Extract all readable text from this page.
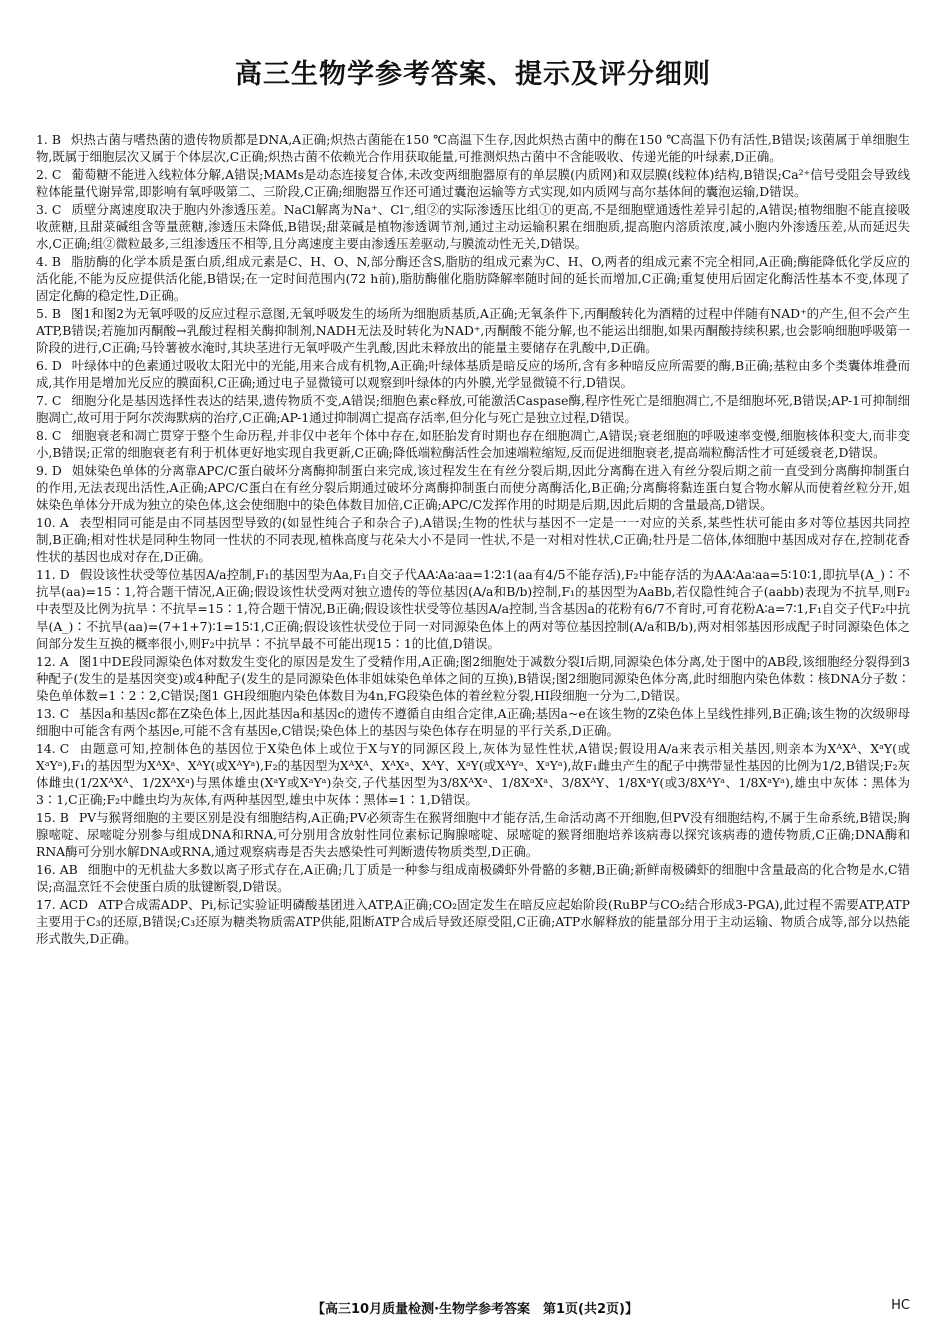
高三生物学参考答案、提示及评分细则

1. B 炽热古菌与嗜热菌的遗传物质都是DNA,A正确;炽热古菌能在150 ℃高温下生存,因此炽热古菌中的酶在150 ℃高温下仍有活性,B错误;该菌属于单细胞生物,既属于细胞层次又属于个体层次,C正确;炽热古菌不依赖光合作用获取能量,可推测炽热古菌中不含能吸收、传递光能的叶绿素,D正确。

2. C 葡萄糖不能进入线粒体分解,A错误;MAMs是动态连接复合体,未改变两细胞器原有的单层膜(内质网)和双层膜(线粒体)结构,B错误;Ca²⁺信号受阻会导致线粒体能量代谢异常,即影响有氧呼吸第二、三阶段,C正确;细胞器互作还可通过囊泡运输等方式实现,如内质网与高尔基体间的囊泡运输,D错误。

3. C 质壁分离速度取决于胞内外渗透压差。NaCl解离为Na⁺、Cl⁻,组②的实际渗透压比组①的更高,不是细胞壁通透性差异引起的,A错误;植物细胞不能直接吸收蔗糖,且甜菜碱组含等量蔗糖,渗透压未降低,B错误;甜菜碱是植物渗透调节剂,通过主动运输积累在细胞质,提高胞内溶质浓度,减小胞内外渗透压差,从而延迟失水,C正确;组②微粒最多,三组渗透压不相等,且分离速度主要由渗透压差驱动,与膜流动性无关,D错误。

4. B 脂肪酶的化学本质是蛋白质,组成元素是C、H、O、N,部分酶还含S,脂肪的组成元素为C、H、O,两者的组成元素不完全相同,A正确;酶能降低化学反应的活化能,不能为反应提供活化能,B错误;在一定时间范围内(72 h前),脂肪酶催化脂肪降解率随时间的延长而增加,C正确;重复使用后固定化酶活性基本不变,体现了固定化酶的稳定性,D正确。

5. B 图1和图2为无氧呼吸的反应过程示意图,无氧呼吸发生的场所为细胞质基质,A正确;无氧条件下,丙酮酸转化为酒精的过程中伴随有NAD⁺的产生,但不会产生ATP,B错误;若施加丙酮酸→乳酸过程相关酶抑制剂,NADH无法及时转化为NAD⁺,丙酮酸不能分解,也不能运出细胞,如果丙酮酸持续积累,也会影响细胞呼吸第一阶段的进行,C正确;马铃薯被水淹时,其块茎进行无氧呼吸产生乳酸,因此未释放出的能量主要储存在乳酸中,D正确。

6. D 叶绿体中的色素通过吸收太阳光中的光能,用来合成有机物,A正确;叶绿体基质是暗反应的场所,含有多种暗反应所需要的酶,B正确;基粒由多个类囊体堆叠而成,其作用是增加光反应的膜面积,C正确;通过电子显微镜可以观察到叶绿体的内外膜,光学显微镜不行,D错误。

7. C 细胞分化是基因选择性表达的结果,遗传物质不变,A错误;细胞色素c释放,可能激活Caspase酶,程序性死亡是细胞凋亡,不是细胞坏死,B错误;AP-1可抑制细胞凋亡,故可用于阿尔茨海默病的治疗,C正确;AP-1通过抑制凋亡提高存活率,但分化与死亡是独立过程,D错误。

8. C 细胞衰老和凋亡贯穿于整个生命历程,并非仅中老年个体中存在,如胚胎发育时期也存在细胞凋亡,A错误;衰老细胞的呼吸速率变慢,细胞核体积变大,而非变小,B错误;正常的细胞衰老有利于机体更好地实现自我更新,C正确;降低端粒酶活性会加速端粒缩短,反而促进细胞衰老,提高端粒酶活性才可延缓衰老,D错误。

9. D 姐妹染色单体的分离靠APC/C蛋白破坏分离酶抑制蛋白来完成,该过程发生在有丝分裂后期,因此分离酶在进入有丝分裂后期之前一直受到分离酶抑制蛋白的作用,无法表现出活性,A正确;APC/C蛋白在有丝分裂后期通过破坏分离酶抑制蛋白而使分离酶活化,B正确;分离酶将黏连蛋白复合物水解从而使着丝粒分开,姐妹染色单体分开成为独立的染色体,这会使细胞中的染色体数目加倍,C正确;APC/C发挥作用的时期是后期,因此后期的含量最高,D错误。

10. A 表型相同可能是由不同基因型导致的(如显性纯合子和杂合子),A错误;生物的性状与基因不一定是一一对应的关系,某些性状可能由多对等位基因共同控制,B正确;相对性状是同种生物同一性状的不同表现,植株高度与花朵大小不是同一性状,不是一对相对性状,C正确;牡丹是二倍体,体细胞中基因成对存在,控制花香性状的基因也成对存在,D正确。

11. D 假设该性状受等位基因A/a控制,F₁的基因型为Aa,F₁自交子代AA∶Aa∶aa=1∶2∶1(aa有4/5不能存活),F₂中能存活的为AA∶Aa∶aa=5∶10∶1,即抗旱(A_)∶不抗旱(aa)=15∶1,符合题干情况,A正确;假设该性状受两对独立遗传的等位基因(A/a和B/b)控制,F₁的基因型为AaBb,若仅隐性纯合子(aabb)表现为不抗旱,则F₂中表型及比例为抗旱∶不抗旱=15∶1,符合题干情况,B正确;假设该性状受等位基因A/a控制,当含基因a的花粉有6/7不育时,可育花粉A∶a=7∶1,F₁自交子代F₂中抗旱(A_)∶不抗旱(aa)=(7+1+7)∶1=15∶1,C正确;假设该性状受位于同一对同源染色体上的两对等位基因控制(A/a和B/b),两对相邻基因形成配子时同源染色体之间部分发生互换的概率很小,则F₂中抗旱∶不抗旱最不可能出现15∶1的比值,D错误。

12. A 图1中DE段同源染色体对数发生变化的原因是发生了受精作用,A正确;图2细胞处于减数分裂Ⅰ后期,同源染色体分离,处于图中的AB段,该细胞经分裂得到3种配子(发生的是基因突变)或4种配子(发生的是同源染色体非姐妹染色单体之间的互换),B错误;图2细胞同源染色体分离,此时细胞内染色体数∶核DNA分子数∶染色单体数=1∶2∶2,C错误;图1 GH段细胞内染色体数目为4n,FG段染色体的着丝粒分裂,HI段细胞一分为二,D错误。

13. C 基因a和基因c都在Z染色体上,因此基因a和基因c的遗传不遵循自由组合定律,A正确;基因a~e在该生物的Z染色体上呈线性排列,B正确;该生物的次级卵母细胞中可能含有两个基因e,可能不含有基因e,C错误;染色体上的基因与染色体存在明显的平行关系,D正确。

14. C 由题意可知,控制体色的基因位于X染色体上或位于X与Y的同源区段上,灰体为显性性状,A错误;假设用A/a来表示相关基因,则亲本为XᴬXᴬ、XᵃY(或XᵃYᵃ),F₁的基因型为XᴬXᵃ、XᴬY(或XᴬYᵃ),F₂的基因型为XᴬXᴬ、XᴬXᵃ、XᴬY、XᵃY(或XᴬYᵃ、XᵃYᵃ),故F₁雌虫产生的配子中携带显性基因的比例为1/2,B错误;F₂灰体雌虫(1/2XᴬXᴬ、1/2XᴬXᵃ)与黑体雄虫(XᵃY或XᵃYᵃ)杂交,子代基因型为3/8XᴬXᵃ、1/8XᵃXᵃ、3/8XᴬY、1/8XᵃY(或3/8XᴬYᵃ、1/8XᵃYᵃ),雄虫中灰体∶黑体为3∶1,C正确;F₂中雌虫均为灰体,有两种基因型,雄虫中灰体∶黑体=1∶1,D错误。

15. B PV与猴肾细胞的主要区别是没有细胞结构,A正确;PV必须寄生在猴肾细胞中才能存活,生命活动离不开细胞,但PV没有细胞结构,不属于生命系统,B错误;胸腺嘧啶、尿嘧啶分别参与组成DNA和RNA,可分别用含放射性同位素标记胸腺嘧啶、尿嘧啶的猴肾细胞培养该病毒以探究该病毒的遗传物质,C正确;DNA酶和RNA酶可分别水解DNA或RNA,通过观察病毒是否失去感染性可判断遗传物质类型,D正确。

16. AB 细胞中的无机盐大多数以离子形式存在,A正确;几丁质是一种参与组成南极磷虾外骨骼的多糖,B正确;新鲜南极磷虾的细胞中含量最高的化合物是水,C错误;高温烹饪不会使蛋白质的肽键断裂,D错误。

17. ACD ATP合成需ADP、Pi,标记实验证明磷酸基团进入ATP,A正确;CO₂固定发生在暗反应起始阶段(RuBP与CO₂结合形成3-PGA),此过程不需要ATP,ATP主要用于C₃的还原,B错误;C₃还原为糖类物质需ATP供能,阻断ATP合成后导致还原受阻,C正确;ATP水解释放的能量部分用于主动运输、物质合成等,部分以热能形式散失,D正确。

【高三10月质量检测·生物学参考答案　第1页(共2页)】	HC
